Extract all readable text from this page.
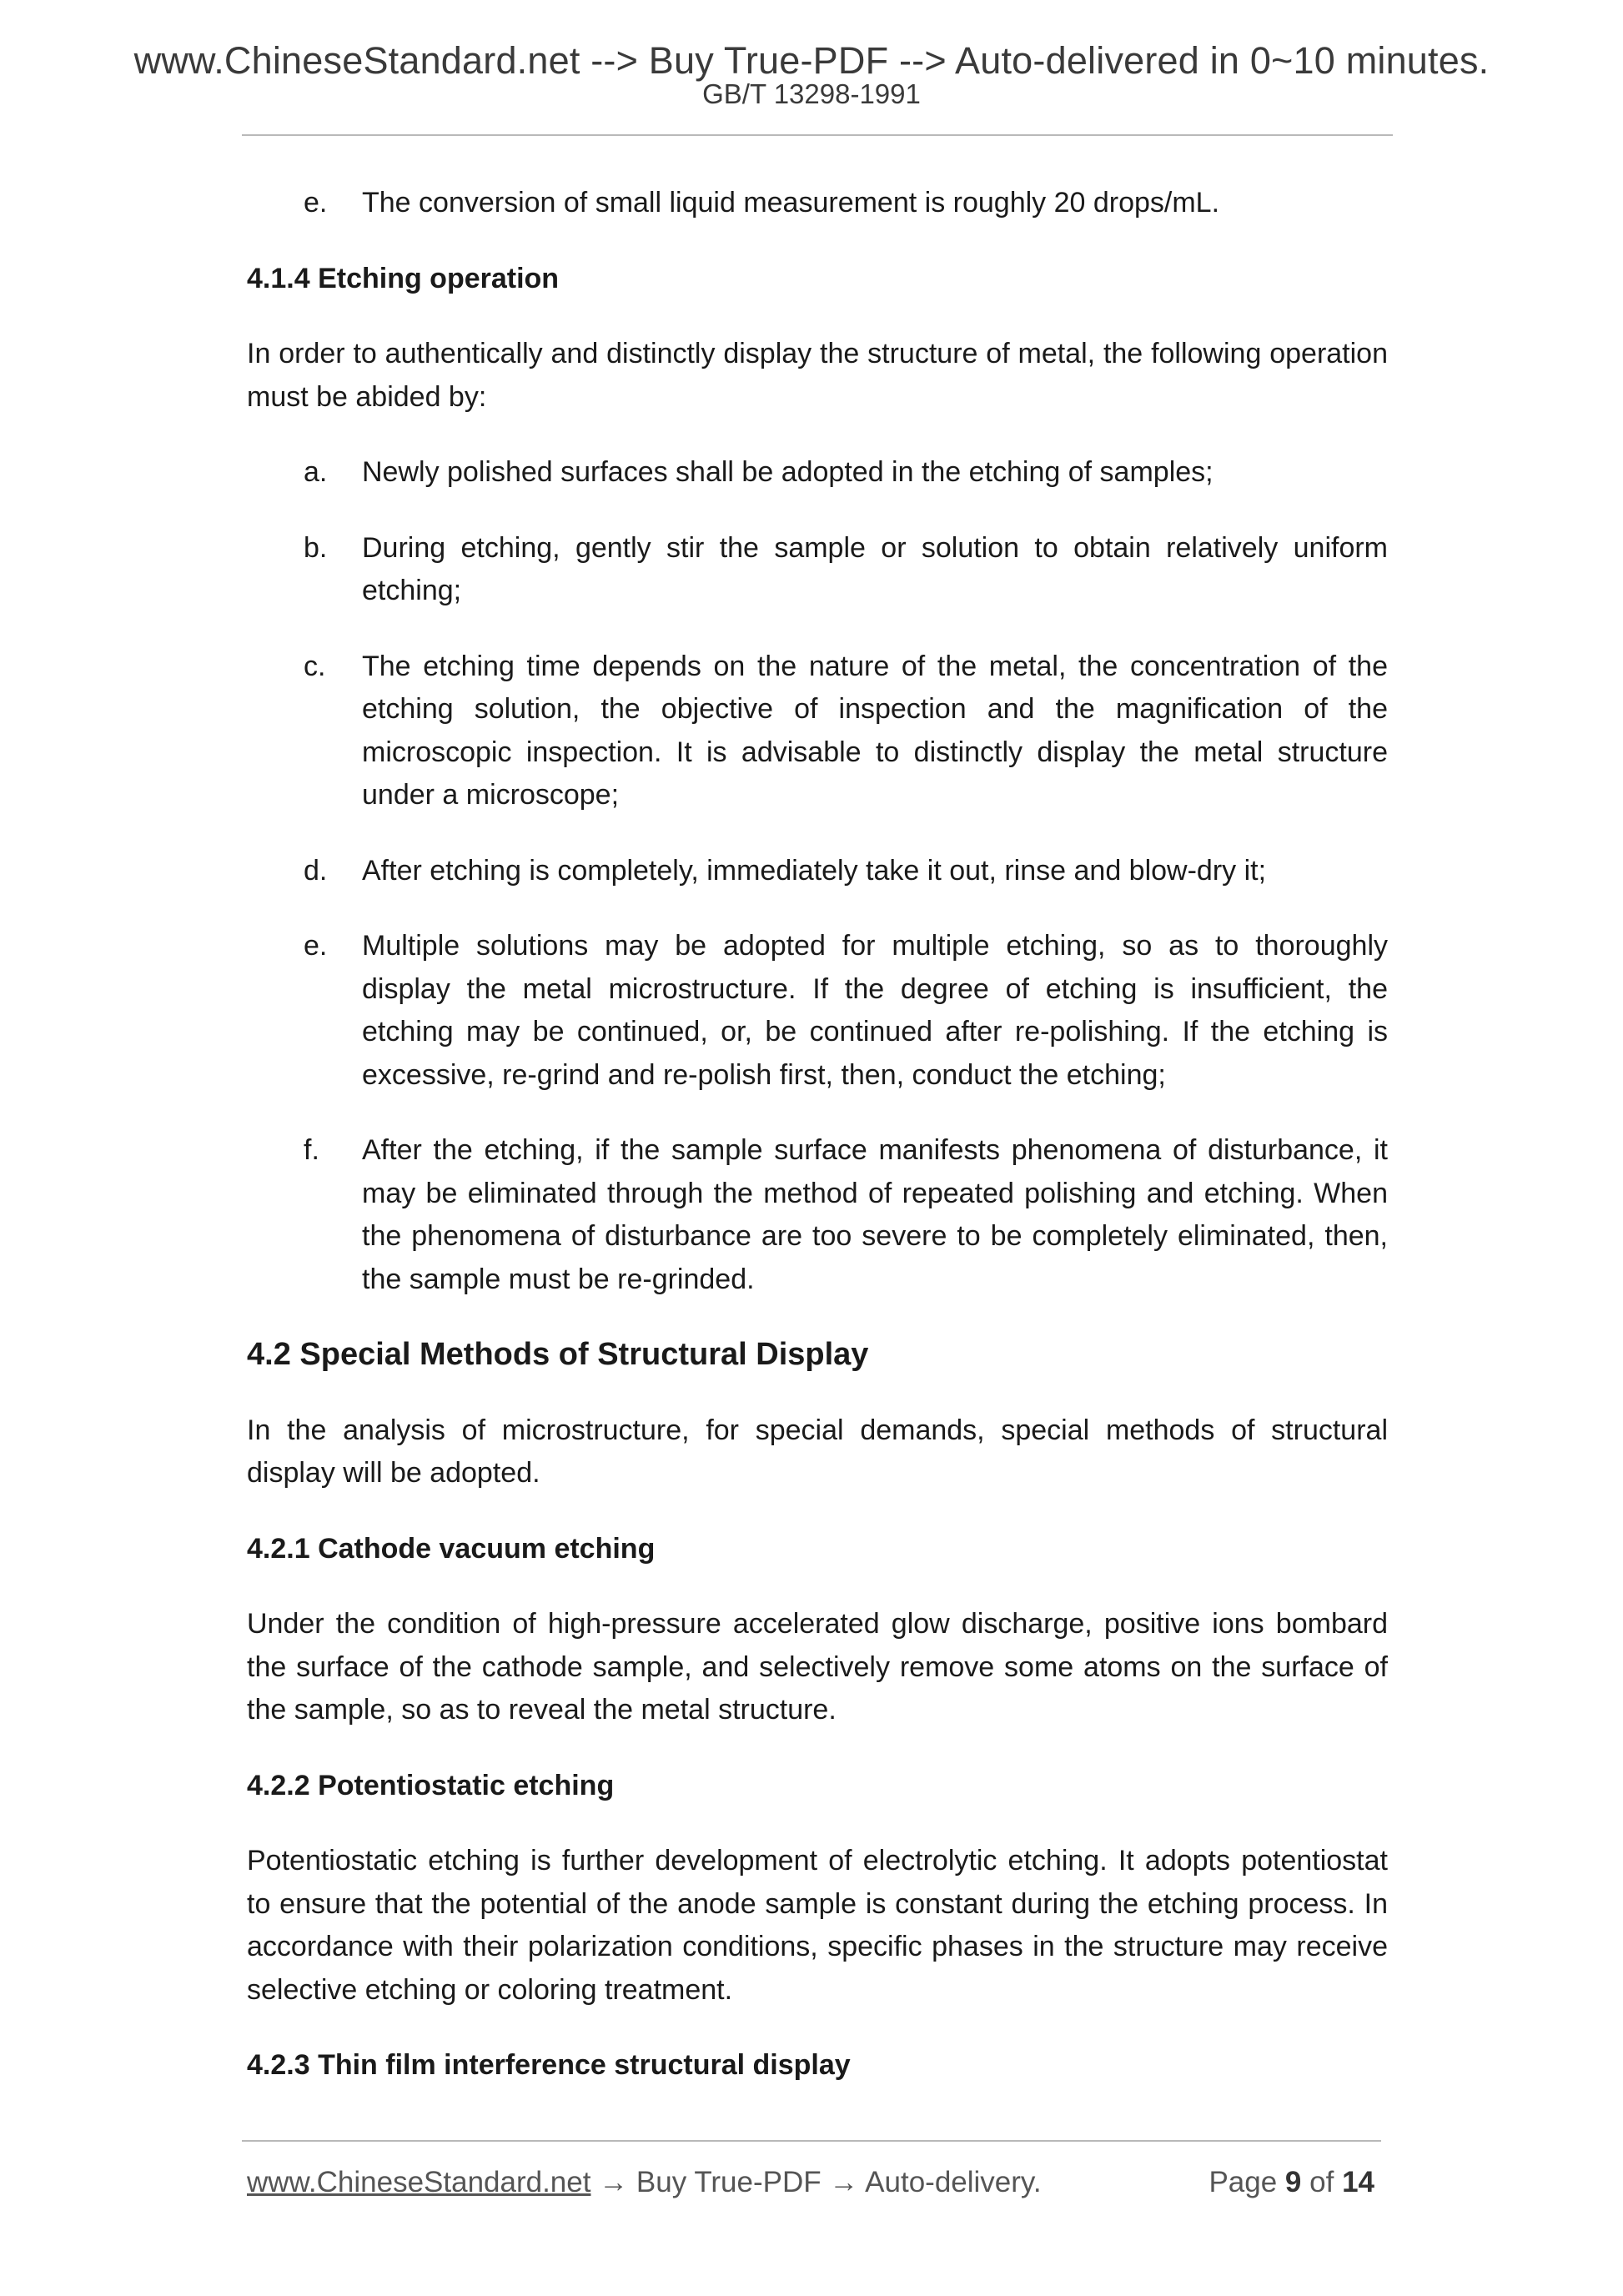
www.ChineseStandard.net --> Buy True-PDF --> Auto-delivered in 0~10 minutes.
GB/T 13298-1991
e.	The conversion of small liquid measurement is roughly 20 drops/mL.
4.1.4 Etching operation
In order to authentically and distinctly display the structure of metal, the following operation must be abided by:
a.	Newly polished surfaces shall be adopted in the etching of samples;
b.	During etching, gently stir the sample or solution to obtain relatively uniform etching;
c.	The etching time depends on the nature of the metal, the concentration of the etching solution, the objective of inspection and the magnification of the microscopic inspection. It is advisable to distinctly display the metal structure under a microscope;
d.	After etching is completely, immediately take it out, rinse and blow-dry it;
e.	Multiple solutions may be adopted for multiple etching, so as to thoroughly display the metal microstructure. If the degree of etching is insufficient, the etching may be continued, or, be continued after re-polishing. If the etching is excessive, re-grind and re-polish first, then, conduct the etching;
f.	After the etching, if the sample surface manifests phenomena of disturbance, it may be eliminated through the method of repeated polishing and etching. When the phenomena of disturbance are too severe to be completely eliminated, then, the sample must be re-grinded.
4.2 Special Methods of Structural Display
In the analysis of microstructure, for special demands, special methods of structural display will be adopted.
4.2.1 Cathode vacuum etching
Under the condition of high-pressure accelerated glow discharge, positive ions bombard the surface of the cathode sample, and selectively remove some atoms on the surface of the sample, so as to reveal the metal structure.
4.2.2 Potentiostatic etching
Potentiostatic etching is further development of electrolytic etching. It adopts potentiostat to ensure that the potential of the anode sample is constant during the etching process. In accordance with their polarization conditions, specific phases in the structure may receive selective etching or coloring treatment.
4.2.3 Thin film interference structural display
www.ChineseStandard.net → Buy True-PDF → Auto-delivery.	Page 9 of 14
